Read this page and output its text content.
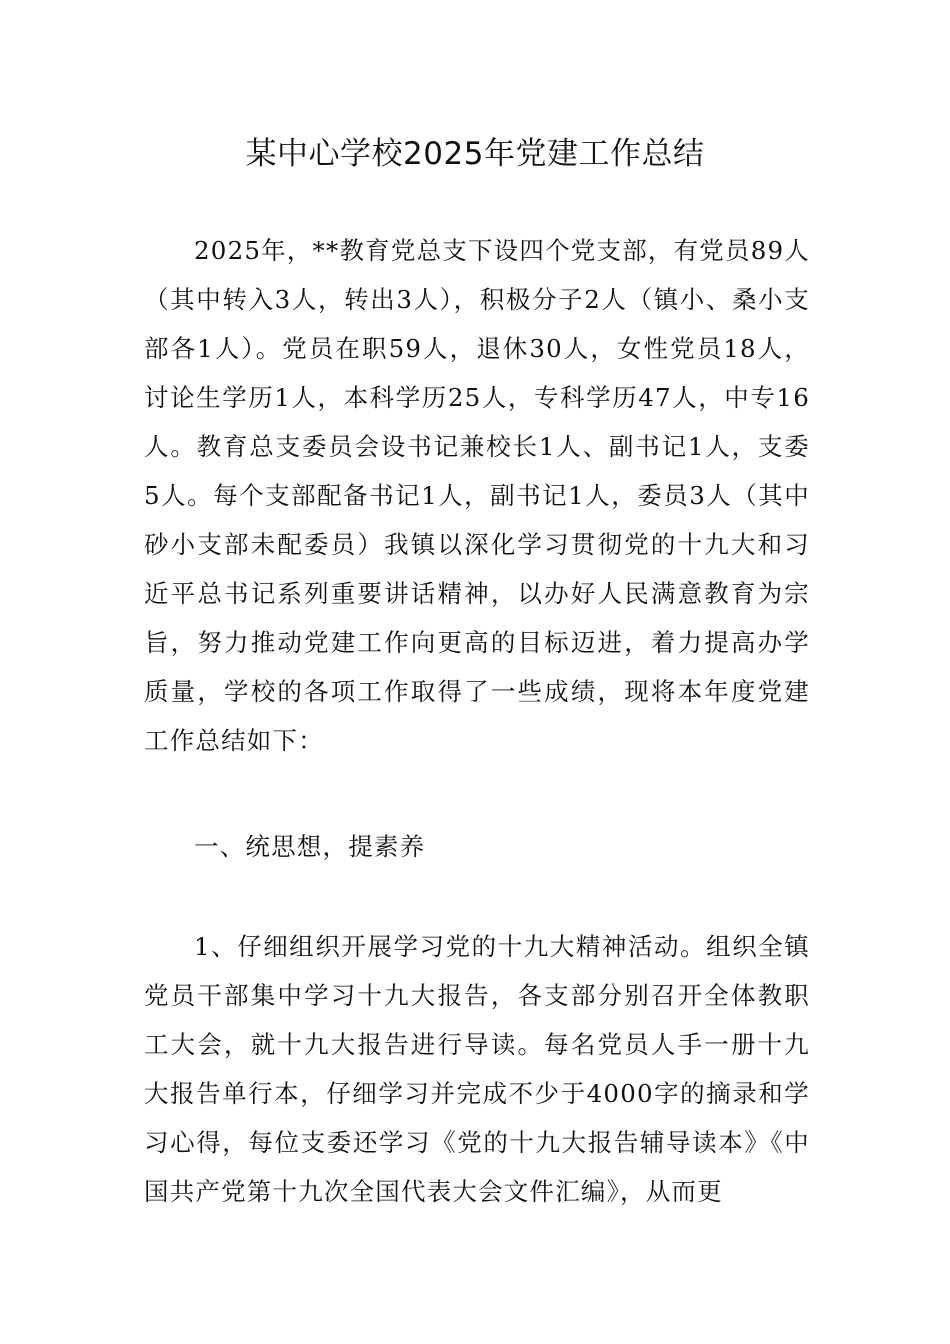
某中心学校2025年党建工作总结

2025年，**教育党总支下设四个党支部，有党员89人（其中转入3人，转出3人），积极分子2人（镇小、桑小支部各1人）。党员在职59人，退休30人，女性党员18人，讨论生学历1人，本科学历25人，专科学历47人，中专16人。教育总支委员会设书记兼校长1人、副书记1人，支委5人。每个支部配备书记1人，副书记1人，委员3人（其中砂小支部未配委员）我镇以深化学习贯彻党的十九大和习近平总书记系列重要讲话精神，以办好人民满意教育为宗旨，努力推动党建工作向更高的目标迈进，着力提高办学质量，学校的各项工作取得了一些成绩，现将本年度党建工作总结如下：

一、统思想，提素养

1、仔细组织开展学习党的十九大精神活动。组织全镇党员干部集中学习十九大报告，各支部分别召开全体教职工大会，就十九大报告进行导读。每名党员人手一册十九大报告单行本，仔细学习并完成不少于4000字的摘录和学习心得，每位支委还学习《党的十九大报告辅导读本》《中国共产党第十九次全国代表大会文件汇编》，从而更
